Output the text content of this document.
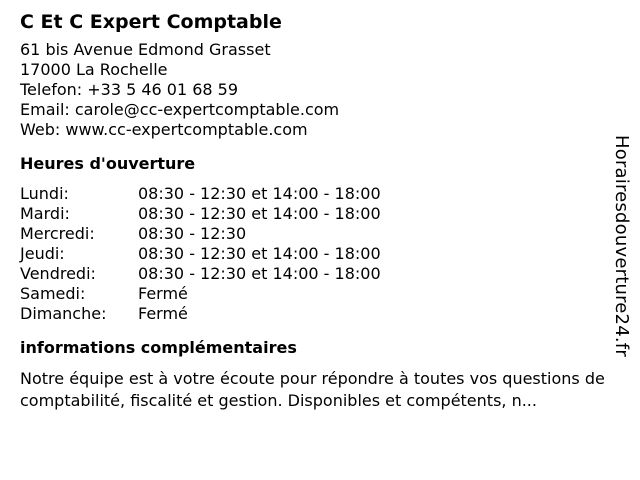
C Et C Expert Comptable
61 bis Avenue Edmond Grasset
17000 La Rochelle
Telefon: +33 5 46 01 68 59
Email: carole@cc-expertcomptable.com
Web: www.cc-expertcomptable.com
Heures d'ouverture
Lundi:	08:30 - 12:30 et 14:00 - 18:00
Mardi:	08:30 - 12:30 et 14:00 - 18:00
Mercredi:	08:30 - 12:30
Jeudi:	08:30 - 12:30 et 14:00 - 18:00
Vendredi:	08:30 - 12:30 et 14:00 - 18:00
Samedi:	Fermé
Dimanche:	Fermé
informations complémentaires
Notre équipe est à votre écoute pour répondre à toutes vos questions de comptabilité, fiscalité et gestion. Disponibles et compétents, n...
Horairesdouverture24.fr
